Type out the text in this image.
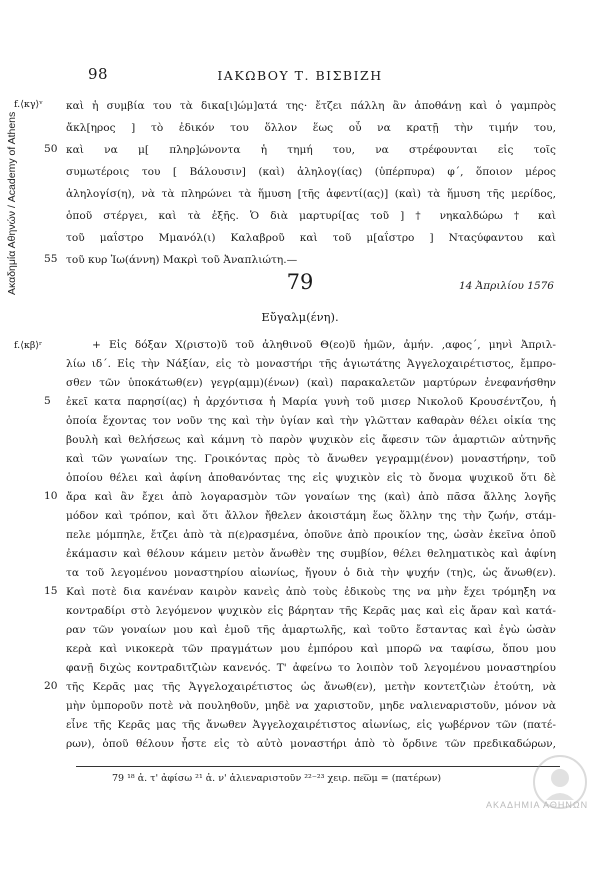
Ακαδημία Αθηνών / Academy of Athens
98	ΙΑΚΩΒΟΥ Τ. ΒΙΣΒΙΖΗ
f.⟨κγ⟩ᵛ καὶ ἡ συμβία του τὰ δικα[ι]ώμ]ατά της· ἔτζει πάλλη ἂν ἀποθάνῃ καὶ ὁ γαμπρὸς
ἄκλ[ηρος ] τὸ ἐδικόν του ὅλλον ἕως οὗ να κρατῇ τὴν τιμήν του,
50 καὶ να μ[ πληρ]ώνοντα ἡ τημή του, να στρέφουνται εἰς τοῖς
συμωτέροις του [ Βάλουσιν] (καὶ) ἀληλογ(ίας) (ὑπέρπυρα) φ´, ὅποιον μέρος
ἀληλογίσ(η), νὰ τὰ πληρώνει τὰ ἥμυση [τῆς ἀφεντί(ας)] (καὶ) τὰ ἥμυση τῆς μερίδος,
ὁποῦ στέργει, καὶ τὰ ἐξῆς. Ὁ διὰ μαρτυρί[ας τοῦ ] † νηκαλδώρω † καὶ
τοῦ μαΐστρο Μμανόλ(ι) Καλαβροῦ καὶ τοῦ μ[αΐστρο ] Νταςύφαντου καὶ
55 τοῦ κυρ Ἰω(άννη) Μακρὶ τοῦ Ἀναπλιώτη.—
79	14 Ἀπριλίου 1576
Εὔγαλμ(ένη).
f.⟨κβ⟩ʳ	+ Εἰς δόξαν Χ(ριστο)ῦ τοῦ ἀληθινοῦ Θ(εο)ῦ ἡμῶν, ἀμήν. ,αφος´, μηνὶ Ἀπριλ-
λίω ιδ´. Εἰς τὴν Νάξίαν, εἰς τὸ μοναστήρι τῆς ἁγιωτάτης Ἀγγελοχαιρέτιστος, ἔμπρο-
σθεν τῶν ὑποκάτωθ(εν) γεγρ(αμμ)(ένων) (καὶ) παρακαλετῶν μαρτύρων ἐνεφανήσθην
5 ἐκεῖ κατα παρησί(ας) ἡ ἀρχόντισα ἡ Μαρία γυνὴ τοῦ μισερ Νικολοῦ Κρουσέντζου, ἡ
ὁποία ἔχοντας τον νοῦν της καὶ τὴν ὑγίαν καὶ τὴν γλῶτταν καθαρὰν θέλει οἰκία της
βουλὴ καὶ θελήσεως καὶ κάμνη τὸ παρὸν ψυχικὸν εἰς ἄφεσιν τῶν ἁμαρτιῶν αὐτηνῆς
καὶ τῶν γωναίων της. Γροικόντας πρὸς τὸ ἄνωθεν γεγραμμ(ένον) μοναστήρην, τοῦ
ὁποίου θέλει καὶ ἀφίνη ἀποθανόντας της εἰς ψυχικὸν εἰς τὸ ὄνομα ψυχικοῦ ὅτι δὲ
10 ἄρα καὶ ἂν ἔχει ἀπὸ λογαρασμὸν τῶν γοναίων της (καὶ) ἀπὸ πᾶσα ἄλλης λογῆς
μόδον καὶ τρόπον, καὶ ὅτι ἄλλον ἤθελεν ἀκοιστάμη ἕως ὅλλην της τὴν ζωήν, στάμ-
πελε μόμπηλε, ἔτζει ἀπὸ τὰ π(ε)ρασμένα, ὁποῦνε ἀπὸ προικίον της, ὡσὰν ἐκεῖνα ὁποῦ
ἐκάμασιν καὶ θέλουν κάμειν μετὸν ἄνωθὲν της συμβίον, θέλει θεληματικὸς καὶ ἀφίνη
τα τοῦ λεγομένου μοναστηρίου αἰωνίως, ἤγουν ὁ διὰ τὴν ψυχήν (τη)ς, ὡς ἄνωθ(εν).
15 Καὶ ποτὲ δια κανέναν καιρὸν κανεὶς ἀπὸ τοὺς ἐδικοὺς της να μὴν ἔχει τρόμηξη να
κοντραδίρι στὸ λεγόμενον ψυχικὸν εἰς βάρηταν τῆς Κερᾶς μας καὶ εἰς ἄραν καὶ κατά-
ραν τῶν γοναίων μου καὶ ἐμοῦ τῆς ἁμαρτωλῆς, καὶ τοῦτο ἔσταντας καὶ ἐγὼ ὡσὰν
κερὰ καὶ νικοκερὰ τῶν πραγμάτων μου ἐμπόρου καὶ μπορῶ να ταφίσω, ὅπου μου
φανῇ διχὼς κοντραδιτζιὼν κανενός. Τ' ἀφείνω το λοιπὸν τοῦ λεγομένου μοναστηρίου
20 τῆς Κερᾶς μας τῆς Ἀγγελοχαιρέτιστος ὡς ἄνωθ(εν), μετὴν κοντετζιὼν ἐτούτη, νὰ
μὴν ὑμποροῦν ποτὲ νὰ πουληθοῦν, μηδὲ να χαριστοῦν, μηδε ναλιεναριστοῦν, μόνον νὰ
εἶνε τῆς Κερᾶς μας τῆς ἄνωθεν Ἀγγελοχαιρέτιστος αἰωνίως, εἰς γωβέρνον τῶν (πατέ-
ρων), ὁποῦ θέλουν ἦστε εἰς τὸ αὐτὸ μοναστήρι ἀπὸ τὸ ὄρδινε τῶν πρεδικαδώρων,
79 ¹⁸ ἀ. τ' ἀφίσω ²¹ ἀ. ν' ἀλιεναριστοῦν ²²⁻²³ χειρ. πε͞ωμ = (πατέρων)
ΑΚΑΔΗΜΙΑ ΑΘΗΝΩΝ
